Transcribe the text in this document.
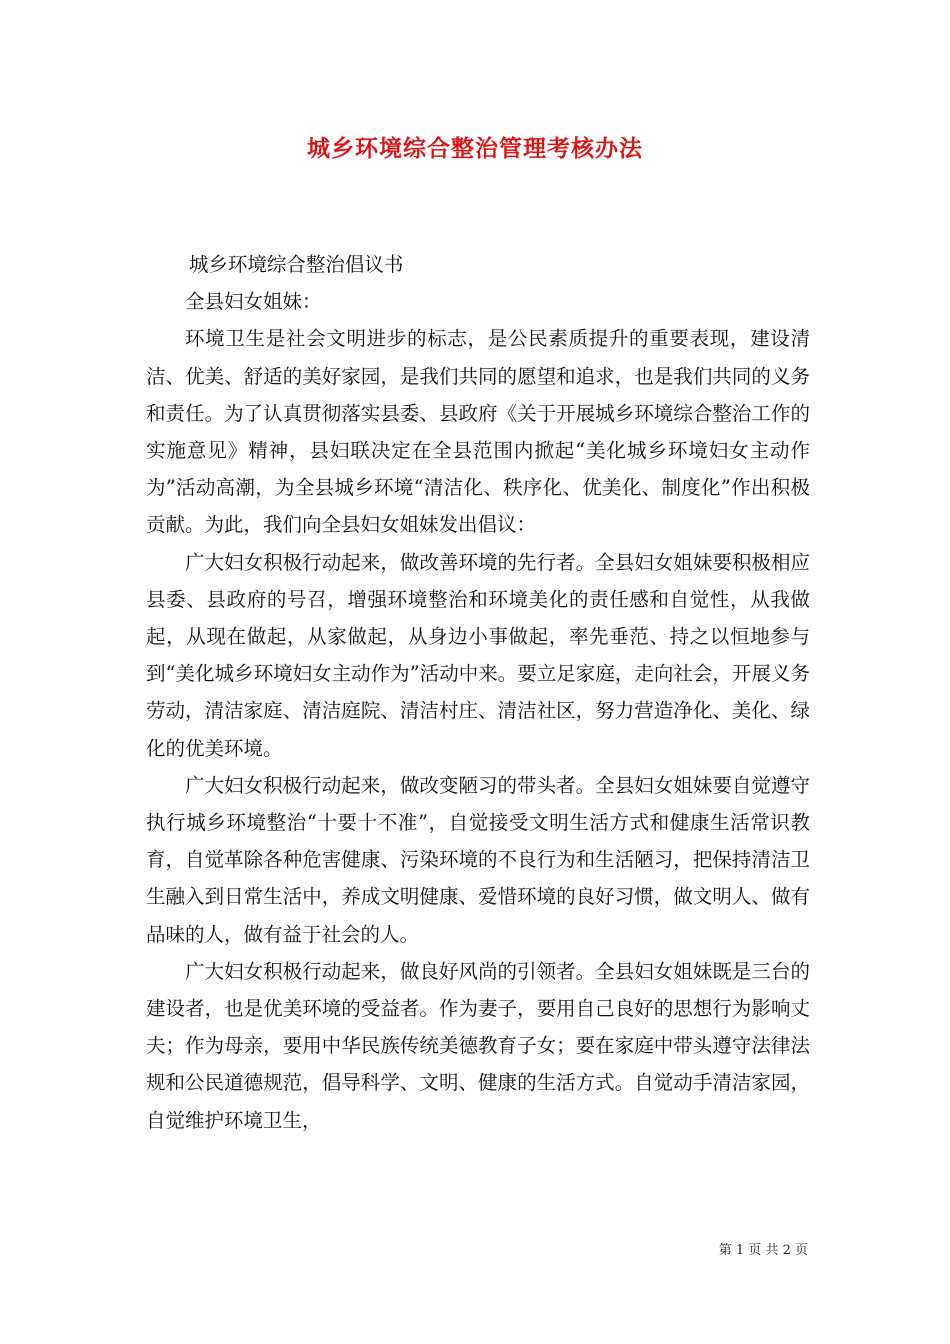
城乡环境综合整治管理考核办法

城乡环境综合整治倡议书

全县妇女姐妹：

环境卫生是社会文明进步的标志，是公民素质提升的重要表现，建设清洁、优美、舒适的美好家园，是我们共同的愿望和追求，也是我们共同的义务和责任。为了认真贯彻落实县委、县政府《关于开展城乡环境综合整治工作的实施意见》精神，县妇联决定在全县范围内掀起“美化城乡环境妇女主动作为”活动高潮，为全县城乡环境“清洁化、秩序化、优美化、制度化”作出积极贡献。为此，我们向全县妇女姐妹发出倡议：

广大妇女积极行动起来，做改善环境的先行者。全县妇女姐妹要积极相应县委、县政府的号召，增强环境整治和环境美化的责任感和自觉性，从我做起，从现在做起，从家做起，从身边小事做起，率先垂范、持之以恒地参与到“美化城乡环境妇女主动作为”活动中来。要立足家庭，走向社会，开展义务劳动，清洁家庭、清洁庭院、清洁村庄、清洁社区，努力营造净化、美化、绿化的优美环境。

广大妇女积极行动起来，做改变陋习的带头者。全县妇女姐妹要自觉遵守执行城乡环境整治“十要十不准”，自觉接受文明生活方式和健康生活常识教育，自觉革除各种危害健康、污染环境的不良行为和生活陋习，把保持清洁卫生融入到日常生活中，养成文明健康、爱惜环境的良好习惯，做文明人、做有品味的人，做有益于社会的人。

广大妇女积极行动起来，做良好风尚的引领者。全县妇女姐妹既是三台的建设者，也是优美环境的受益者。作为妻子，要用自己良好的思想行为影响丈夫；作为母亲，要用中华民族传统美德教育子女；要在家庭中带头遵守法律法规和公民道德规范，倡导科学、文明、健康的生活方式。自觉动手清洁家园，自觉维护环境卫生，

第 1 页 共 2 页
